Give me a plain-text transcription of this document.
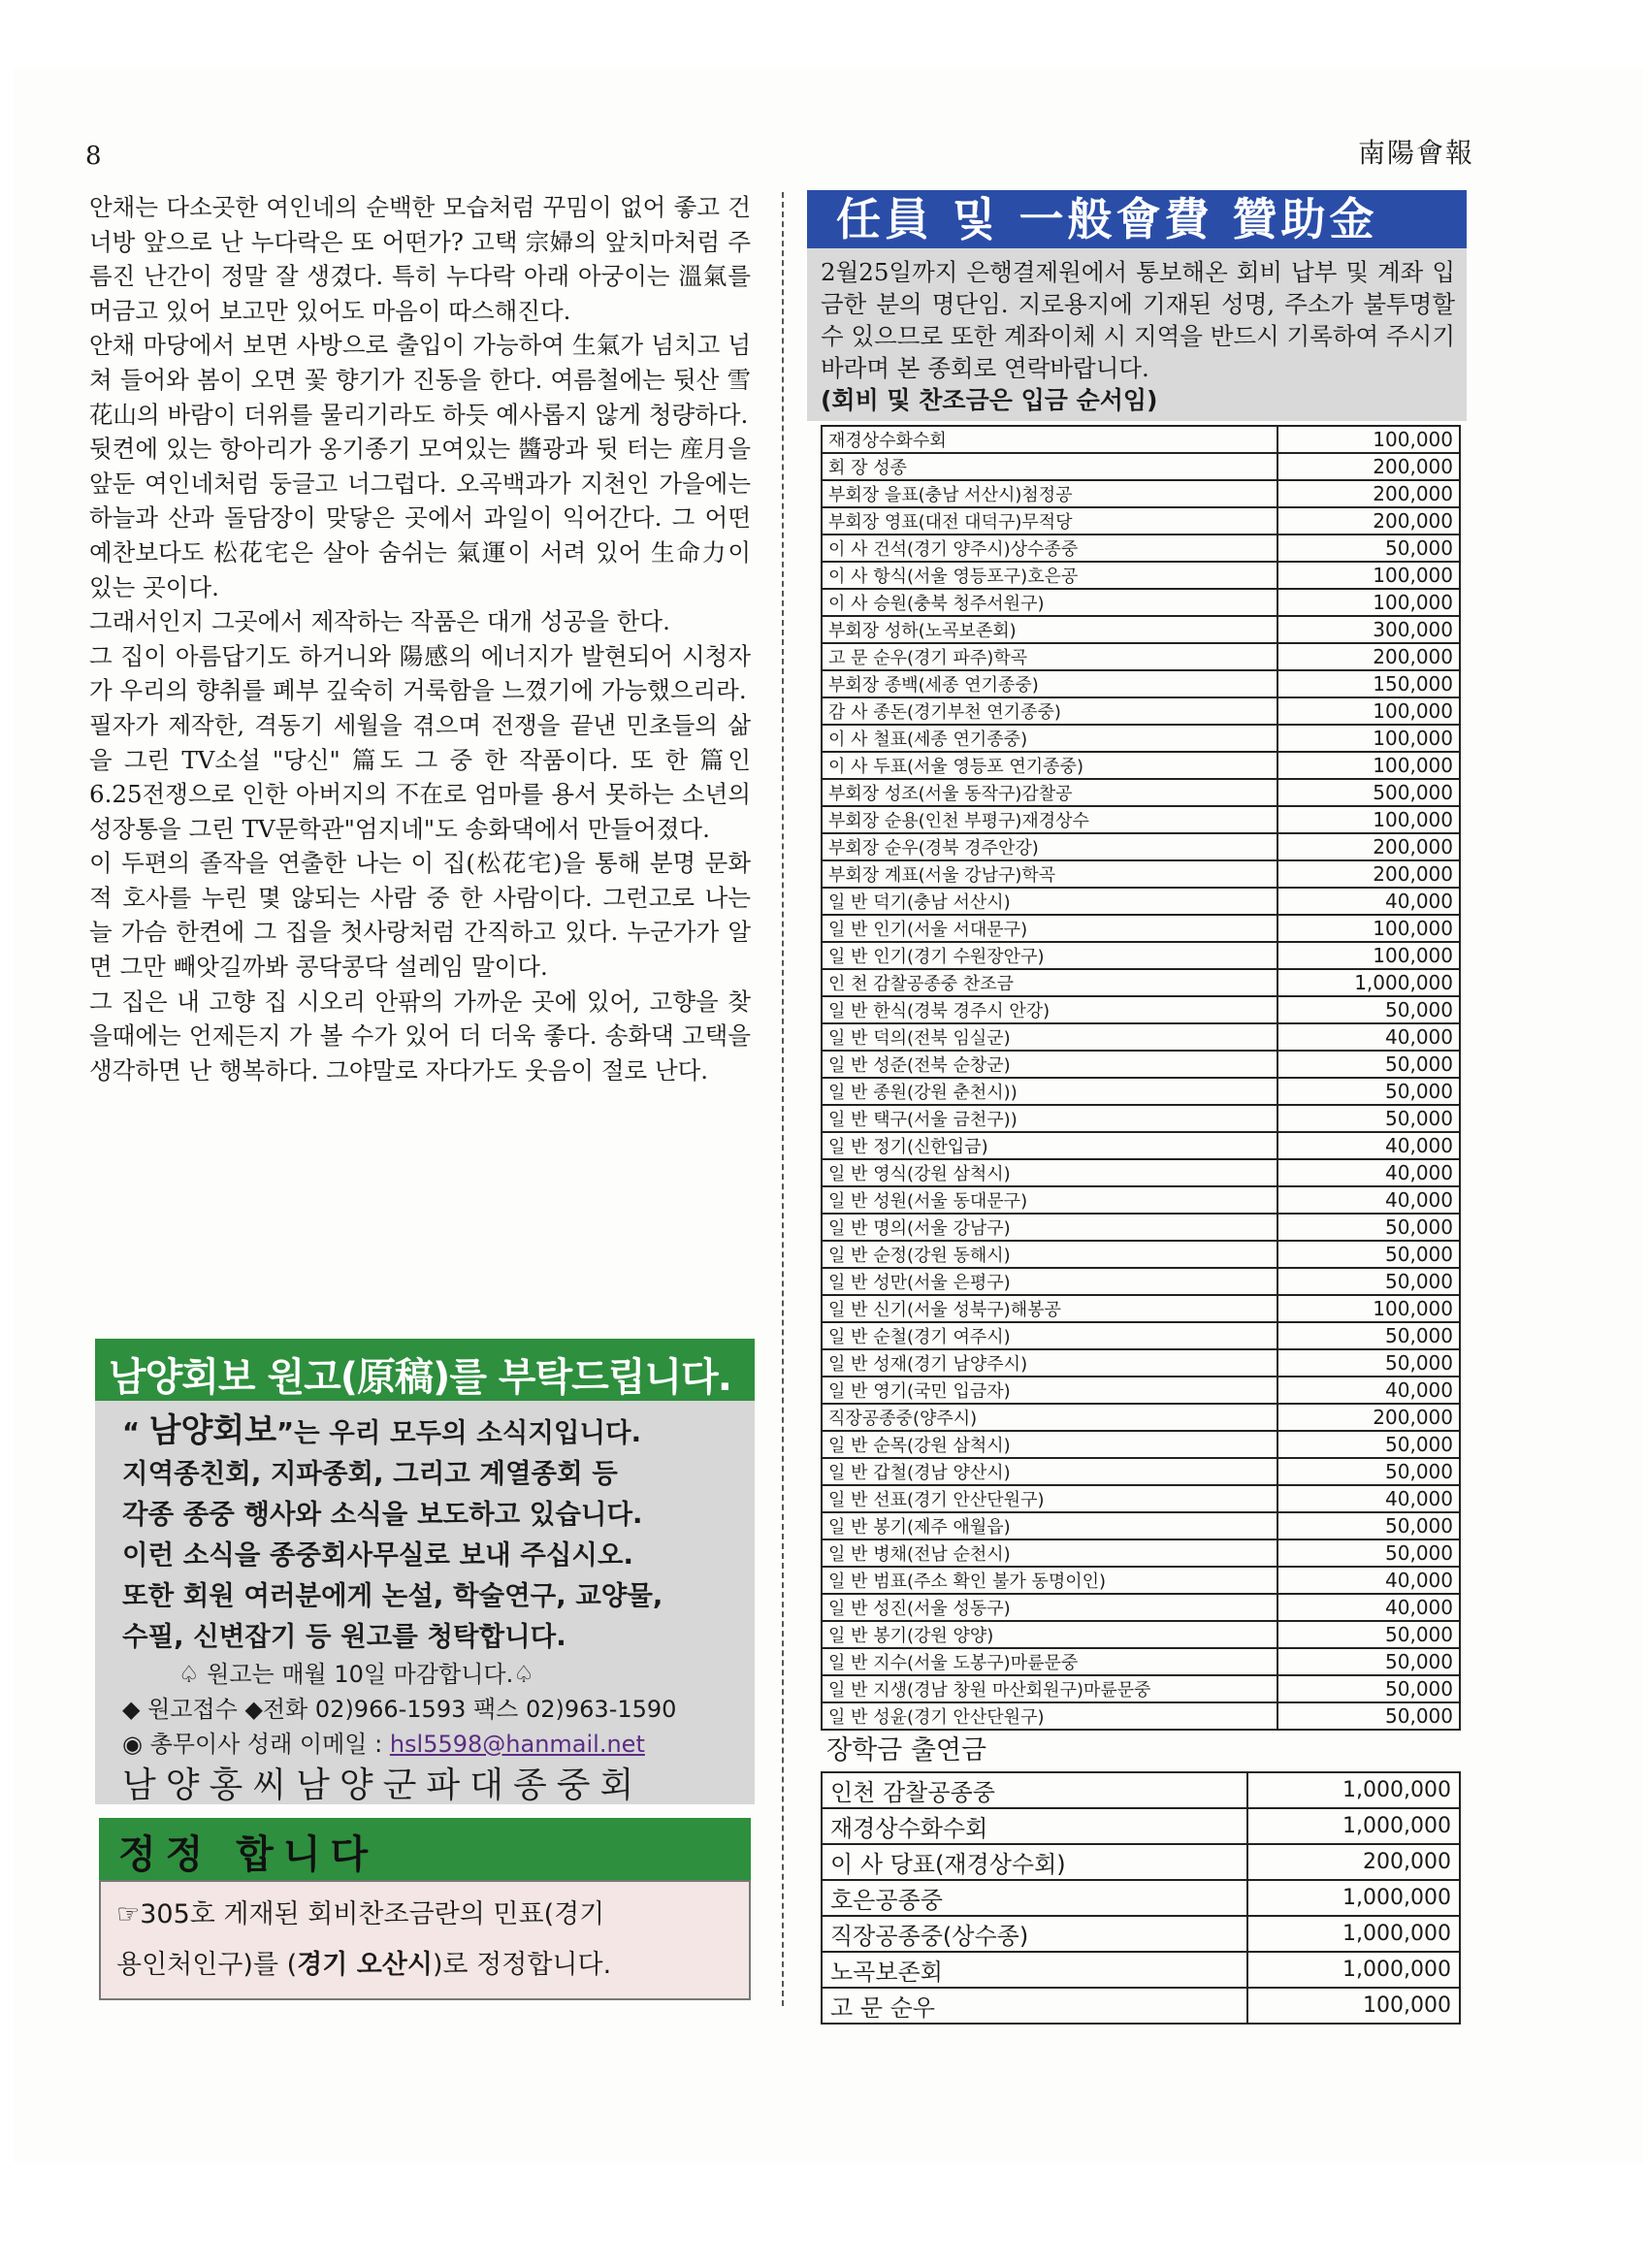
8	南陽會報

안채는 다소곳한 여인네의 순백한 모습처럼 꾸밈이 없어 좋고 건너방 앞으로 난 누다락은 또 어떤가? 고택 宗婦의 앞치마처럼 주름진 난간이 정말 잘 생겼다. 특히 누다락 아래 아궁이는 溫氣를 머금고 있어 보고만 있어도 마음이 따스해진다.

안채 마당에서 보면 사방으로 출입이 가능하여 生氣가 넘치고 넘쳐 들어와 봄이 오면 꽃 향기가 진동을 한다. 여름철에는 뒷산 雪花山의 바람이 더위를 물리기라도 하듯 예사롭지 않게 청량하다.

뒷켠에 있는 항아리가 옹기종기 모여있는 醬광과 뒷 터는 産月을 앞둔 여인네처럼 둥글고 너그럽다. 오곡백과가 지천인 가을에는 하늘과 산과 돌담장이 맞닿은 곳에서 과일이 익어간다. 그 어떤 예찬보다도 松花宅은 살아 숨쉬는 氣運이 서려 있어 生命力이 있는 곳이다.

그래서인지 그곳에서 제작하는 작품은 대개 성공을 한다.

그 집이 아름답기도 하거니와 陽感의 에너지가 발현되어 시청자가 우리의 향취를 폐부 깊숙히 거룩함을 느꼈기에 가능했으리라.

필자가 제작한, 격동기 세월을 겪으며 전쟁을 끝낸 민초들의 삶을 그린 TV소설 "당신" 篇도 그 중 한 작품이다. 또 한 篇인 6.25전쟁으로 인한 아버지의 不在로 엄마를 용서 못하는 소년의 성장통을 그린 TV문학관"엄지네"도 송화댁에서 만들어졌다.

이 두편의 졸작을 연출한 나는 이 집(松花宅)을 통해 분명 문화적 호사를 누린 몇 않되는 사람 중 한 사람이다. 그런고로 나는 늘 가슴 한켠에 그 집을 첫사랑처럼 간직하고 있다. 누군가가 알면 그만 빼앗길까봐 콩닥콩닥 설레임 말이다.

그 집은 내 고향 집 시오리 안팎의 가까운 곳에 있어, 고향을 찾을때에는 언제든지 가 볼 수가 있어 더 더욱 좋다. 송화댁 고택을 생각하면 난 행복하다. 그야말로 자다가도 웃음이 절로 난다.

남양회보 원고(原稿)를 부탁드립니다.
“ 남양회보”는 우리 모두의 소식지입니다.
지역종친회, 지파종회, 그리고 계열종회 등
각종 종중 행사와 소식을 보도하고 있습니다.
이런 소식을 종중회사무실로 보내 주십시오.
또한 회원 여러분에게 논설, 학술연구, 교양물,
수필, 신변잡기 등 원고를 청탁합니다.
♤ 원고는 매월 10일 마감합니다.♤
◆ 원고접수 ◆전화 02)966-1593 팩스 02)963-1590
◉ 총무이사 성래 이메일 : hsl5598@hanmail.net
남양홍씨남양군파대종중회
정정 합니다
☞305호 게재된 회비찬조금란의 민표(경기
용인처인구)를 (경기 오산시)로 정정합니다.
任員 및 一般會費 贊助金

2월25일까지 은행결제원에서 통보해온 회비 납부 및 계좌 입금한 분의 명단임. 지로용지에 기재된 성명, 주소가 불투명할 수 있으므로 또한 계좌이체 시 지역을 반드시 기록하여 주시기 바라며 본 종회로 연락바랍니다.

(회비 및 찬조금은 입금 순서임)

재경상수화수회	100,000
회 장 성종	200,000
부회장 을표(충남 서산시)첨정공	200,000
부회장 영표(대전 대덕구)무적당	200,000
이 사 건석(경기 양주시)상수종중	50,000
이 사 항식(서울 영등포구)호은공	100,000
이 사 승원(충북 청주서원구)	100,000
부회장 성하(노곡보존회)	300,000
고 문 순우(경기 파주)학곡	200,000
부회장 종백(세종 연기종중)	150,000
감 사 종돈(경기부천 연기종중)	100,000
이 사 철표(세종 연기종중)	100,000
이 사 두표(서울 영등포 연기종중)	100,000
부회장 성조(서울 동작구)감찰공	500,000
부회장 순용(인천 부평구)재경상수	100,000
부회장 순우(경북 경주안강)	200,000
부회장 계표(서울 강남구)학곡	200,000
일 반 덕기(충남 서산시)	40,000
일 반 인기(서울 서대문구)	100,000
일 반 인기(경기 수원장안구)	100,000
인 천 감찰공종중 찬조금	1,000,000
일 반 한식(경북 경주시 안강)	50,000
일 반 덕의(전북 임실군)	40,000
일 반 성준(전북 순창군)	50,000
일 반 종원(강원 춘천시))	50,000
일 반 택구(서울 금천구))	50,000
일 반 정기(신한입금)	40,000
일 반 영식(강원 삼척시)	40,000
일 반 성원(서울 동대문구)	40,000
일 반 명의(서울 강남구)	50,000
일 반 순정(강원 동해시)	50,000
일 반 성만(서울 은평구)	50,000
일 반 신기(서울 성북구)해봉공	100,000
일 반 순철(경기 여주시)	50,000
일 반 성재(경기 남양주시)	50,000
일 반 영기(국민 입금자)	40,000
직장공종중(양주시)	200,000
일 반 순목(강원 삼척시)	50,000
일 반 갑철(경남 양산시)	50,000
일 반 선표(경기 안산단원구)	40,000
일 반 봉기(제주 애월읍)	50,000
일 반 병채(전남 순천시)	50,000
일 반 범표(주소 확인 불가 동명이인)	40,000
일 반 성진(서울 성동구)	40,000
일 반 봉기(강원 양양)	50,000
일 반 지수(서울 도봉구)마륜문중	50,000
일 반 지생(경남 창원 마산회원구)마륜문중	50,000
일 반 성윤(경기 안산단원구)	50,000
장학금 출연금
인천 감찰공종중	1,000,000
재경상수화수회	1,000,000
이 사 당표(재경상수회)	200,000
호은공종중	1,000,000
직장공종중(상수종)	1,000,000
노곡보존회	1,000,000
고 문 순우	100,000
